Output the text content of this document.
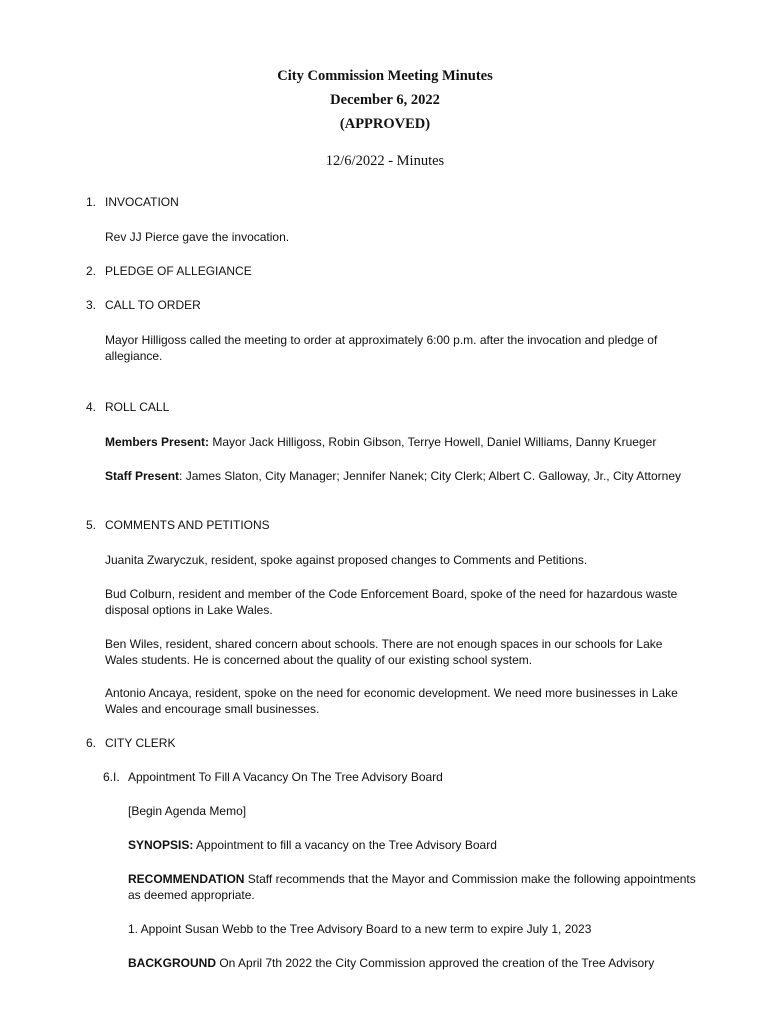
City Commission Meeting Minutes
December 6, 2022
(APPROVED)
12/6/2022 - Minutes
1. INVOCATION
Rev JJ Pierce gave the invocation.
2. PLEDGE OF ALLEGIANCE
3. CALL TO ORDER
Mayor Hilligoss called the meeting to order at approximately 6:00 p.m. after the invocation and pledge of allegiance.
4. ROLL CALL
Members Present: Mayor Jack Hilligoss, Robin Gibson, Terrye Howell, Daniel Williams, Danny Krueger
Staff Present: James Slaton, City Manager; Jennifer Nanek; City Clerk; Albert C. Galloway, Jr., City Attorney
5. COMMENTS AND PETITIONS
Juanita Zwaryczuk, resident, spoke against proposed changes to Comments and Petitions.
Bud Colburn, resident and member of the Code Enforcement Board, spoke of the need for hazardous waste disposal options in Lake Wales.
Ben Wiles, resident, shared concern about schools. There are not enough spaces in our schools for Lake Wales students. He is concerned about the quality of our existing school system.
Antonio Ancaya, resident, spoke on the need for economic development. We need more businesses in Lake Wales and encourage small businesses.
6. CITY CLERK
6.I. Appointment To Fill A Vacancy On The Tree Advisory Board
[Begin Agenda Memo]
SYNOPSIS: Appointment to fill a vacancy on the Tree Advisory Board
RECOMMENDATION Staff recommends that the Mayor and Commission make the following appointments as deemed appropriate.
1. Appoint Susan Webb to the Tree Advisory Board to a new term to expire July 1, 2023
BACKGROUND On April 7th 2022 the City Commission approved the creation of the Tree Advisory
